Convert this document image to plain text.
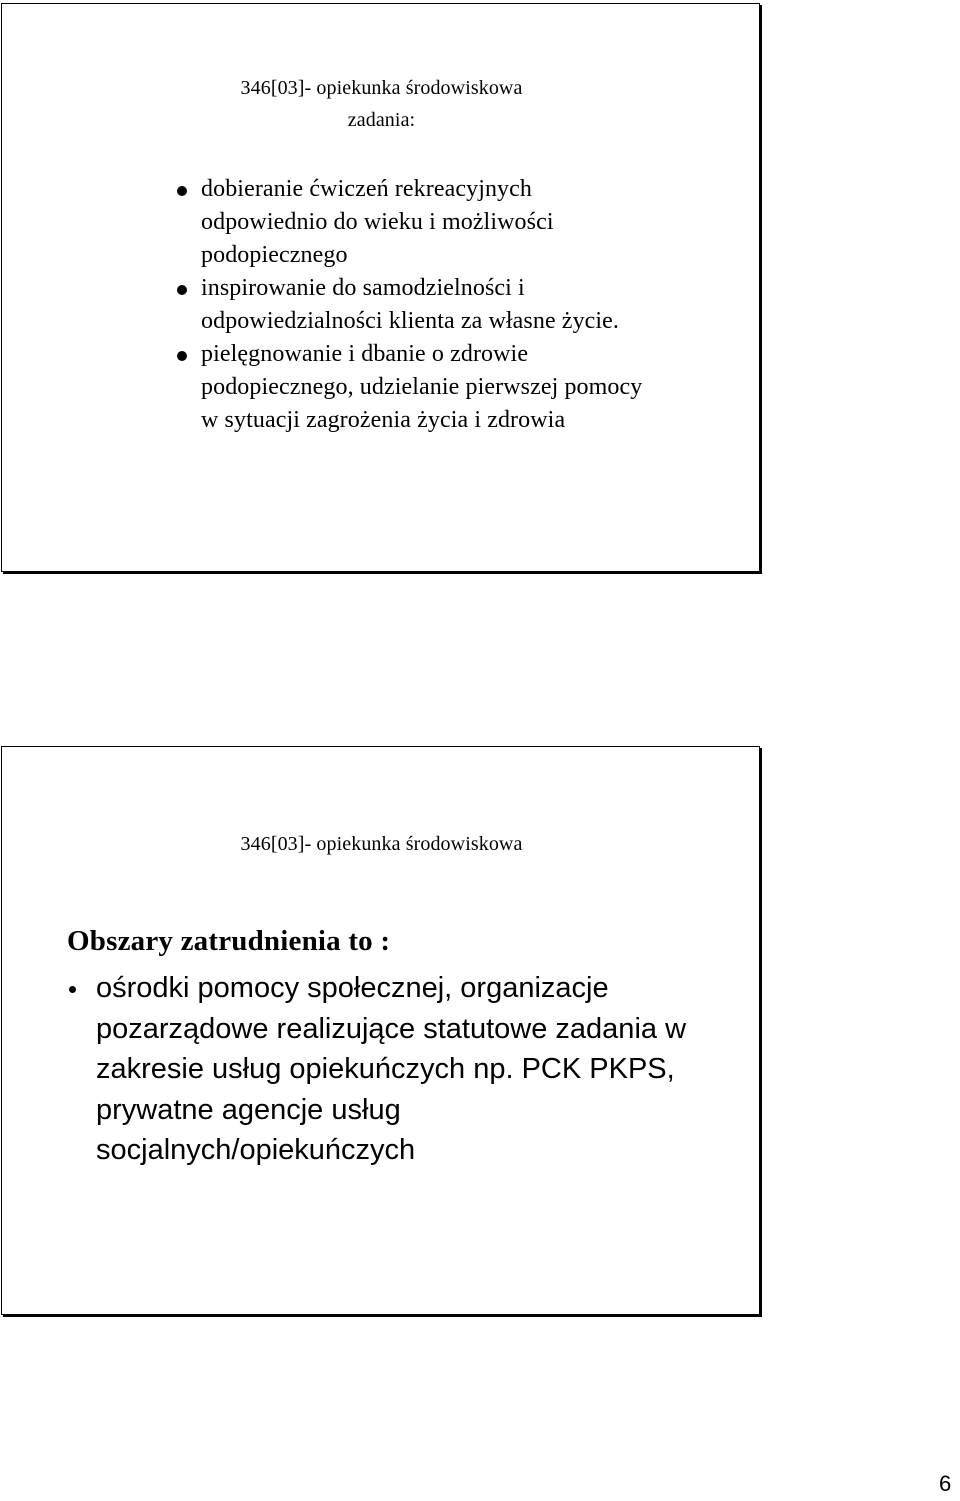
346[03]- opiekunka środowiskowa
zadania:
dobieranie ćwiczeń rekreacyjnych odpowiednio do wieku i możliwości podopiecznego
inspirowanie do samodzielności i odpowiedzialności klienta za własne życie.
pielęgnowanie i dbanie o zdrowie podopiecznego, udzielanie pierwszej pomocy w sytuacji zagrożenia życia i zdrowia
346[03]- opiekunka środowiskowa
Obszary zatrudnienia to :
ośrodki pomocy społecznej, organizacje pozarządowe realizujące statutowe zadania w zakresie usług opiekuńczych np. PCK PKPS, prywatne agencje usług socjalnych/opiekuńczych
6
